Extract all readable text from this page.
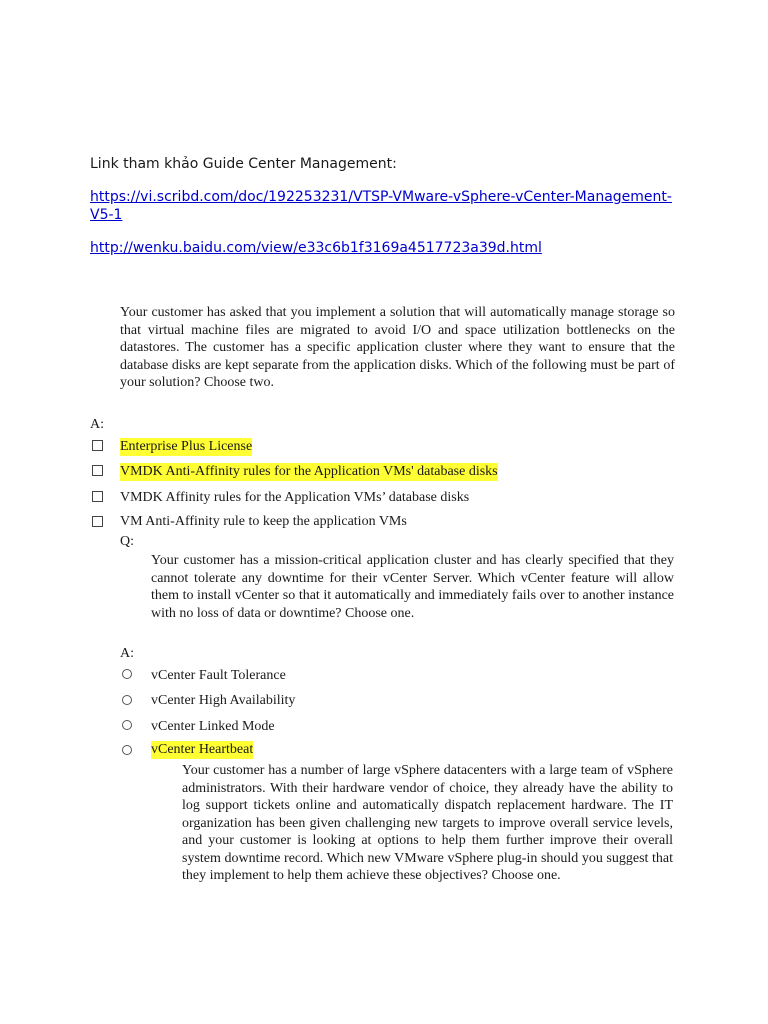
Link tham khảo Guide Center Management:
https://vi.scribd.com/doc/192253231/VTSP-VMware-vSphere-vCenter-Management-V5-1
http://wenku.baidu.com/view/e33c6b1f3169a4517723a39d.html
Your customer has asked that you implement a solution that will automatically manage storage so that virtual machine files are migrated to avoid I/O and space utilization bottlenecks on the datastores. The customer has a specific application cluster where they want to ensure that the database disks are kept separate from the application disks. Which of the following must be part of your solution? Choose two.
A:
Enterprise Plus License
VMDK Anti-Affinity rules for the Application VMs' database disks
VMDK Affinity rules for the Application VMs’ database disks
VM Anti-Affinity rule to keep the application VMs
Q:
Your customer has a mission-critical application cluster and has clearly specified that they cannot tolerate any downtime for their vCenter Server. Which vCenter feature will allow them to install vCenter so that it automatically and immediately fails over to another instance with no loss of data or downtime? Choose one.
A:
vCenter Fault Tolerance
vCenter High Availability
vCenter Linked Mode
vCenter Heartbeat
Your customer has a number of large vSphere datacenters with a large team of vSphere administrators. With their hardware vendor of choice, they already have the ability to log support tickets online and automatically dispatch replacement hardware. The IT organization has been given challenging new targets to improve overall service levels, and your customer is looking at options to help them further improve their overall system downtime record. Which new VMware vSphere plug-in should you suggest that they implement to help them achieve these objectives? Choose one.
